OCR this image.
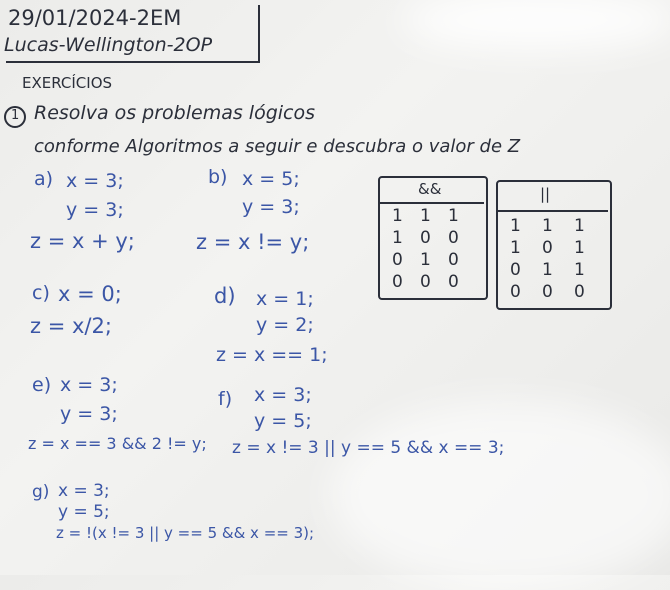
29/01/2024-2EM
Lucas-Wellington-2OP
EXERCÍCIOS
1 Resolva os problemas lógicos
conforme Algoritmos a seguir e descubra o valor de Z
a) x = 3;
y = 3;
z = x + y;
b) x = 5;
y = 3;
z = x != y;
c) x = 0;
z = x/2;
d) x = 1;
y = 2;
z = x == 1;
e) x = 3;
y = 3;
z = x == 3 && 2 != y;
f) x = 3;
y = 5;
z = x != 3 || y == 5 && x == 3;
g) x = 3;
y = 5;
z = !(x != 3 || y == 5 && x == 3);
&&
1 1 1
1 0 0
0 1 0
0 0 0
||
1 1 1
1 0 1
0 1 1
0 0 0
